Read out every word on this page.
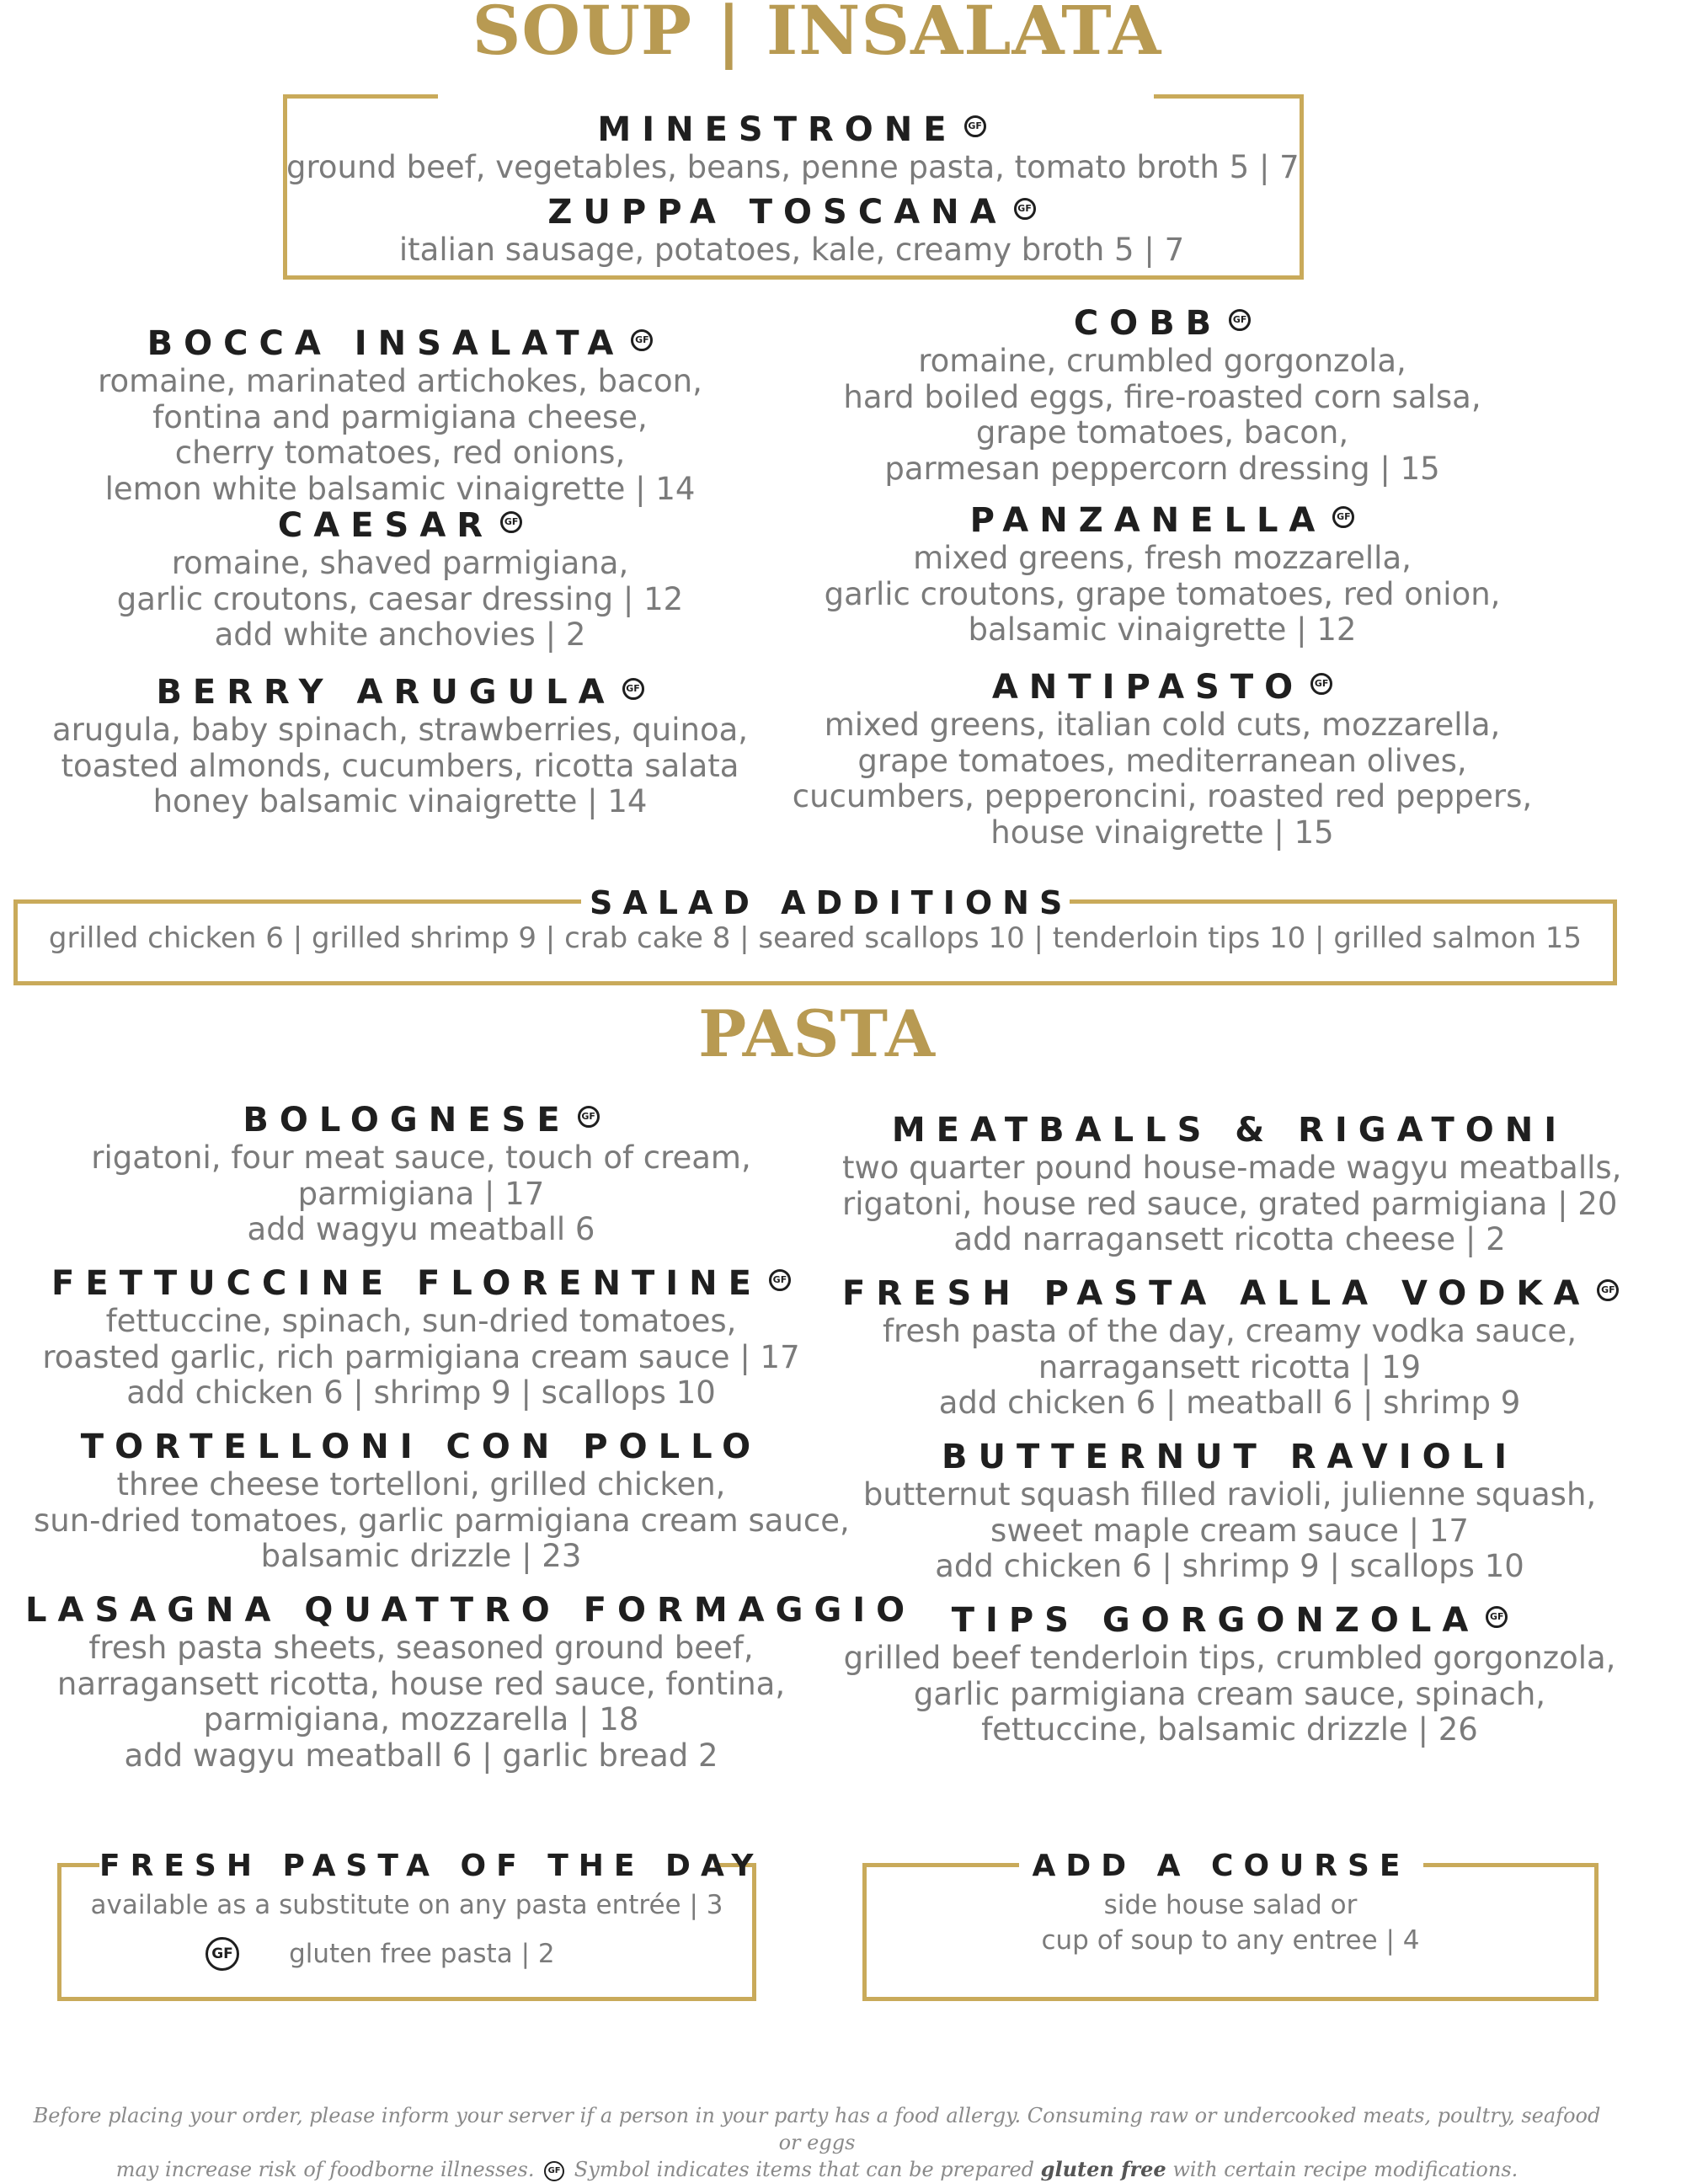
SOUP | INSALATA
MINESTRONE GF
ground beef, vegetables, beans, penne pasta, tomato broth 5 | 7
ZUPPA TOSCANA GF
italian sausage, potatoes, kale, creamy broth 5 | 7
BOCCA INSALATA GF
romaine, marinated artichokes, bacon,
fontina and parmigiana cheese,
cherry tomatoes, red onions,
lemon white balsamic vinaigrette | 14
CAESAR GF
romaine, shaved parmigiana,
garlic croutons, caesar dressing | 12
add white anchovies | 2
BERRY ARUGULA GF
arugula, baby spinach, strawberries, quinoa,
toasted almonds, cucumbers, ricotta salata
honey balsamic vinaigrette | 14
COBB GF
romaine, crumbled gorgonzola,
hard boiled eggs, fire-roasted corn salsa,
grape tomatoes, bacon,
parmesan peppercorn dressing | 15
PANZANELLA GF
mixed greens, fresh mozzarella,
garlic croutons, grape tomatoes, red onion,
balsamic vinaigrette | 12
ANTIPASTO GF
mixed greens, italian cold cuts, mozzarella,
grape tomatoes, mediterranean olives,
cucumbers, pepperoncini, roasted red peppers,
house vinaigrette | 15
SALAD ADDITIONS
grilled chicken 6 | grilled shrimp 9 | crab cake 8 | seared scallops 10 | tenderloin tips 10 | grilled salmon 15
PASTA
BOLOGNESE GF
rigatoni, four meat sauce, touch of cream,
parmigiana | 17
add wagyu meatball 6
FETTUCCINE FLORENTINE GF
fettuccine, spinach, sun-dried tomatoes,
roasted garlic, rich parmigiana cream sauce | 17
add chicken 6 | shrimp 9 | scallops 10
TORTELLONI CON POLLO
three cheese tortelloni, grilled chicken,
sun-dried tomatoes, garlic parmigiana cream sauce,
balsamic drizzle | 23
LASAGNA QUATTRO FORMAGGIO
fresh pasta sheets, seasoned ground beef,
narragansett ricotta, house red sauce, fontina,
parmigiana, mozzarella | 18
add wagyu meatball 6 | garlic bread 2
MEATBALLS & RIGATONI
two quarter pound house-made wagyu meatballs,
rigatoni, house red sauce, grated parmigiana | 20
add narragansett ricotta cheese | 2
FRESH PASTA ALLA VODKA GF
fresh pasta of the day, creamy vodka sauce,
narragansett ricotta | 19
add chicken 6 | meatball 6 | shrimp 9
BUTTERNUT RAVIOLI
butternut squash filled ravioli, julienne squash,
sweet maple cream sauce | 17
add chicken 6 | shrimp 9 | scallops 10
TIPS GORGONZOLA GF
grilled beef tenderloin tips, crumbled gorgonzola,
garlic parmigiana cream sauce, spinach,
fettuccine, balsamic drizzle | 26
FRESH PASTA OF THE DAY
available as a substitute on any pasta entrée | 3
GF gluten free pasta | 2
ADD A COURSE
side house salad or
cup of soup to any entree | 4
Before placing your order, please inform your server if a person in your party has a food allergy. Consuming raw or undercooked meats, poultry, seafood or eggs
may increase risk of foodborne illnesses. GF Symbol indicates items that can be prepared gluten free with certain recipe modifications.
